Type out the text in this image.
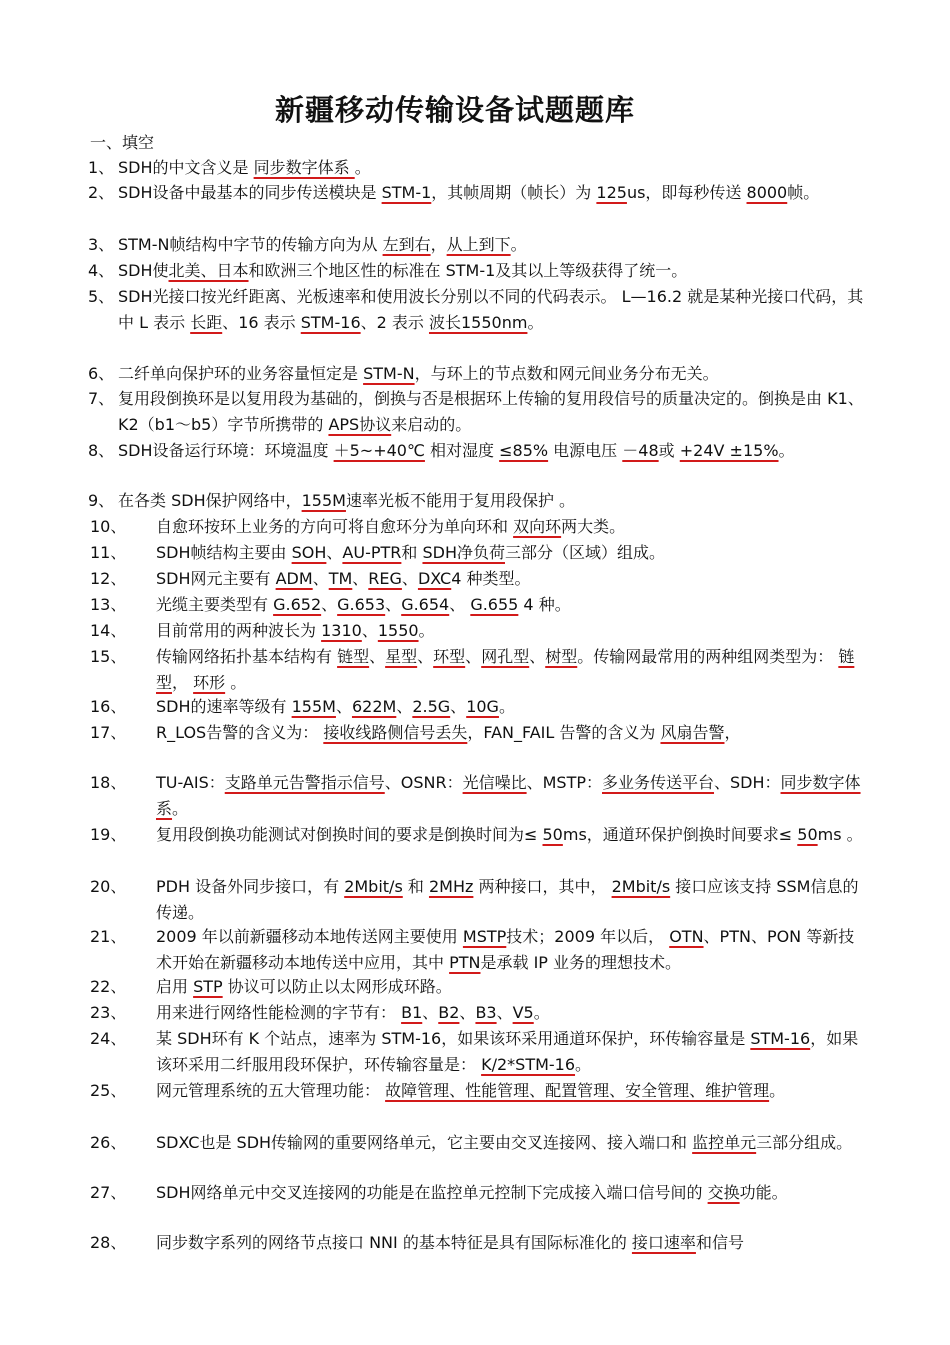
新疆移动传输设备试题题库
一、填空
1、 SDH的中文含义是 同步数字体系 。
2、 SDH设备中最基本的同步传送模块是 STM-1，其帧周期（帧长）为 125us，即每秒传送 8000帧。
3、 STM-N帧结构中字节的传输方向为从 左到右，从上到下。
4、 SDH使北美、日本和欧洲三个地区性的标准在 STM-1及其以上等级获得了统一。
5、 SDH光接口按光纤距离、光板速率和使用波长分别以不同的代码表示。 L—16.2 就是某种光接口代码，其中 L 表示 长距、16 表示 STM-16、2 表示 波长1550nm。
6、 二纤单向保护环的业务容量恒定是 STM-N，与环上的节点数和网元间业务分布无关。
7、 复用段倒换环是以复用段为基础的，倒换与否是根据环上传输的复用段信号的质量决定的。倒换是由 K1、K2（b1～b5）字节所携带的 APS协议来启动的。
8、 SDH设备运行环境：环境温度 ＋5~+40℃ 相对湿度 ≤85% 电源电压 －48或 +24V ±15%。
9、 在各类 SDH保护网络中，155M速率光板不能用于复用段保护 。
10、 自愈环按环上业务的方向可将自愈环分为单向环和 双向环两大类。
11、 SDH帧结构主要由 SOH、AU-PTR和 SDH净负荷三部分（区域）组成。
12、 SDH网元主要有 ADM、TM、REG、DXC4 种类型。
13、 光缆主要类型有 G.652、G.653、G.654、 G.655 4 种。
14、 目前常用的两种波长为 1310、1550。
15、 传输网络拓扑基本结构有 链型、星型、环型、网孔型、树型。传输网最常用的两种组网类型为： 链型， 环形 。
16、 SDH的速率等级有 155M、622M、2.5G、10G。
17、 R_LOS告警的含义为： 接收线路侧信号丢失，FAN_FAIL 告警的含义为 风扇告警，
18、 TU-AIS：支路单元告警指示信号、OSNR：光信噪比、MSTP：多业务传送平台、SDH：同步数字体系。
19、 复用段倒换功能测试对倒换时间的要求是倒换时间为≤ 50ms，通道环保护倒换时间要求≤ 50ms 。
20、 PDH 设备外同步接口，有 2Mbit/s 和 2MHz 两种接口，其中， 2Mbit/s 接口应该支持 SSM信息的传递。
21、 2009 年以前新疆移动本地传送网主要使用 MSTP技术；2009 年以后， OTN、PTN、PON 等新技术开始在新疆移动本地传送中应用，其中 PTN是承载 IP 业务的理想技术。
22、 启用 STP 协议可以防止以太网形成环路。
23、 用来进行网络性能检测的字节有： B1、B2、B3、V5。
24、 某 SDH环有 K 个站点，速率为 STM-16，如果该环采用通道环保护，环传输容量是 STM-16，如果该环采用二纤服用段环保护，环传输容量是： K/2*STM-16。
25、 网元管理系统的五大管理功能： 故障管理、性能管理、配置管理、安全管理、维护管理。
26、 SDXC也是 SDH传输网的重要网络单元，它主要由交叉连接网、接入端口和 监控单元三部分组成。
27、 SDH网络单元中交叉连接网的功能是在监控单元控制下完成接入端口信号间的 交换功能。
28、 同步数字系列的网络节点接口 NNI 的基本特征是具有国际标准化的 接口速率和信号
